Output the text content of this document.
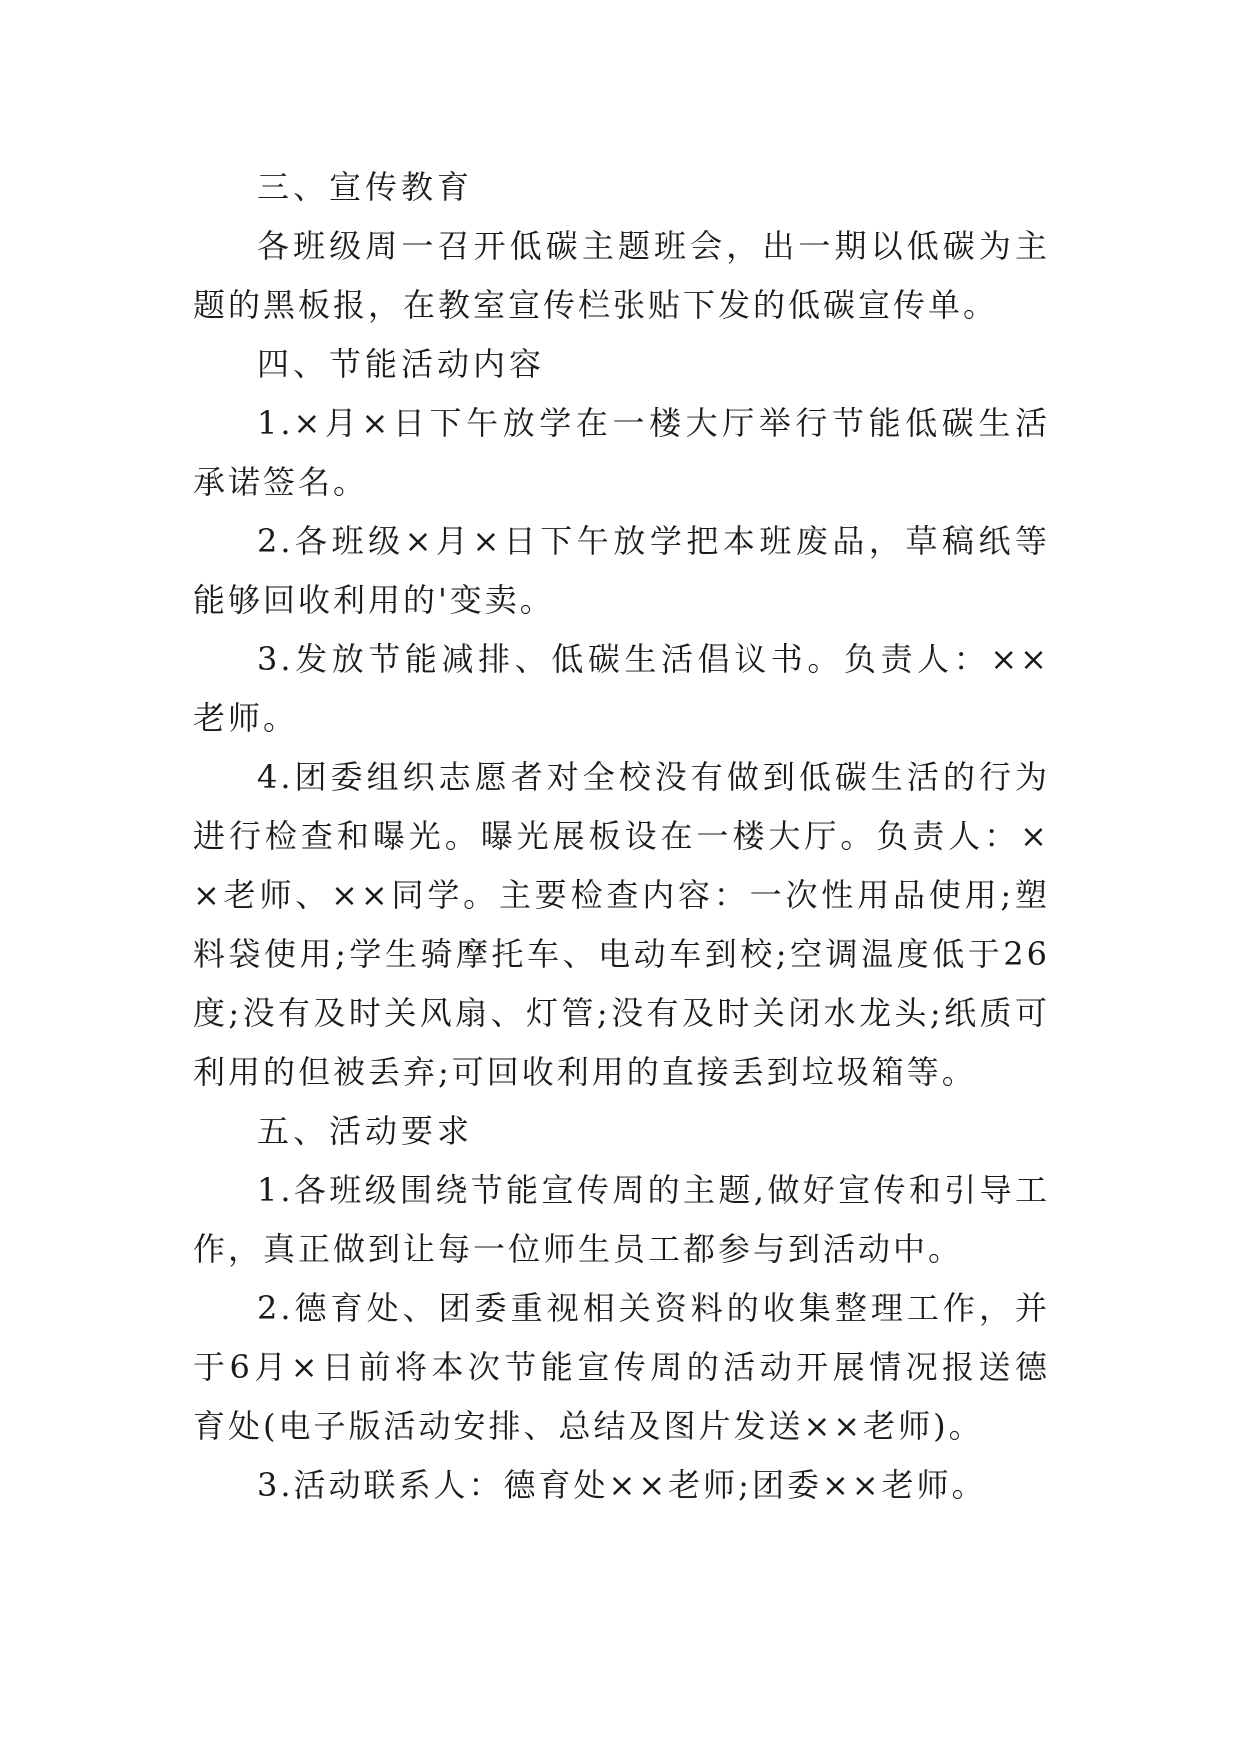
三、宣传教育

各班级周一召开低碳主题班会，出一期以低碳为主题的黑板报，在教室宣传栏张贴下发的低碳宣传单。

四、节能活动内容

1.×月×日下午放学在一楼大厅举行节能低碳生活承诺签名。

2.各班级×月×日下午放学把本班废品，草稿纸等能够回收利用的'变卖。

3.发放节能减排、低碳生活倡议书。负责人：××老师。

4.团委组织志愿者对全校没有做到低碳生活的行为进行检查和曝光。曝光展板设在一楼大厅。负责人：××老师、××同学。主要检查内容：一次性用品使用;塑料袋使用;学生骑摩托车、电动车到校;空调温度低于26度;没有及时关风扇、灯管;没有及时关闭水龙头;纸质可利用的但被丢弃;可回收利用的直接丢到垃圾箱等。

五、活动要求

1.各班级围绕节能宣传周的主题,做好宣传和引导工作，真正做到让每一位师生员工都参与到活动中。

2.德育处、团委重视相关资料的收集整理工作，并于6月×日前将本次节能宣传周的活动开展情况报送德育处(电子版活动安排、总结及图片发送××老师)。

3.活动联系人：德育处××老师;团委××老师。
